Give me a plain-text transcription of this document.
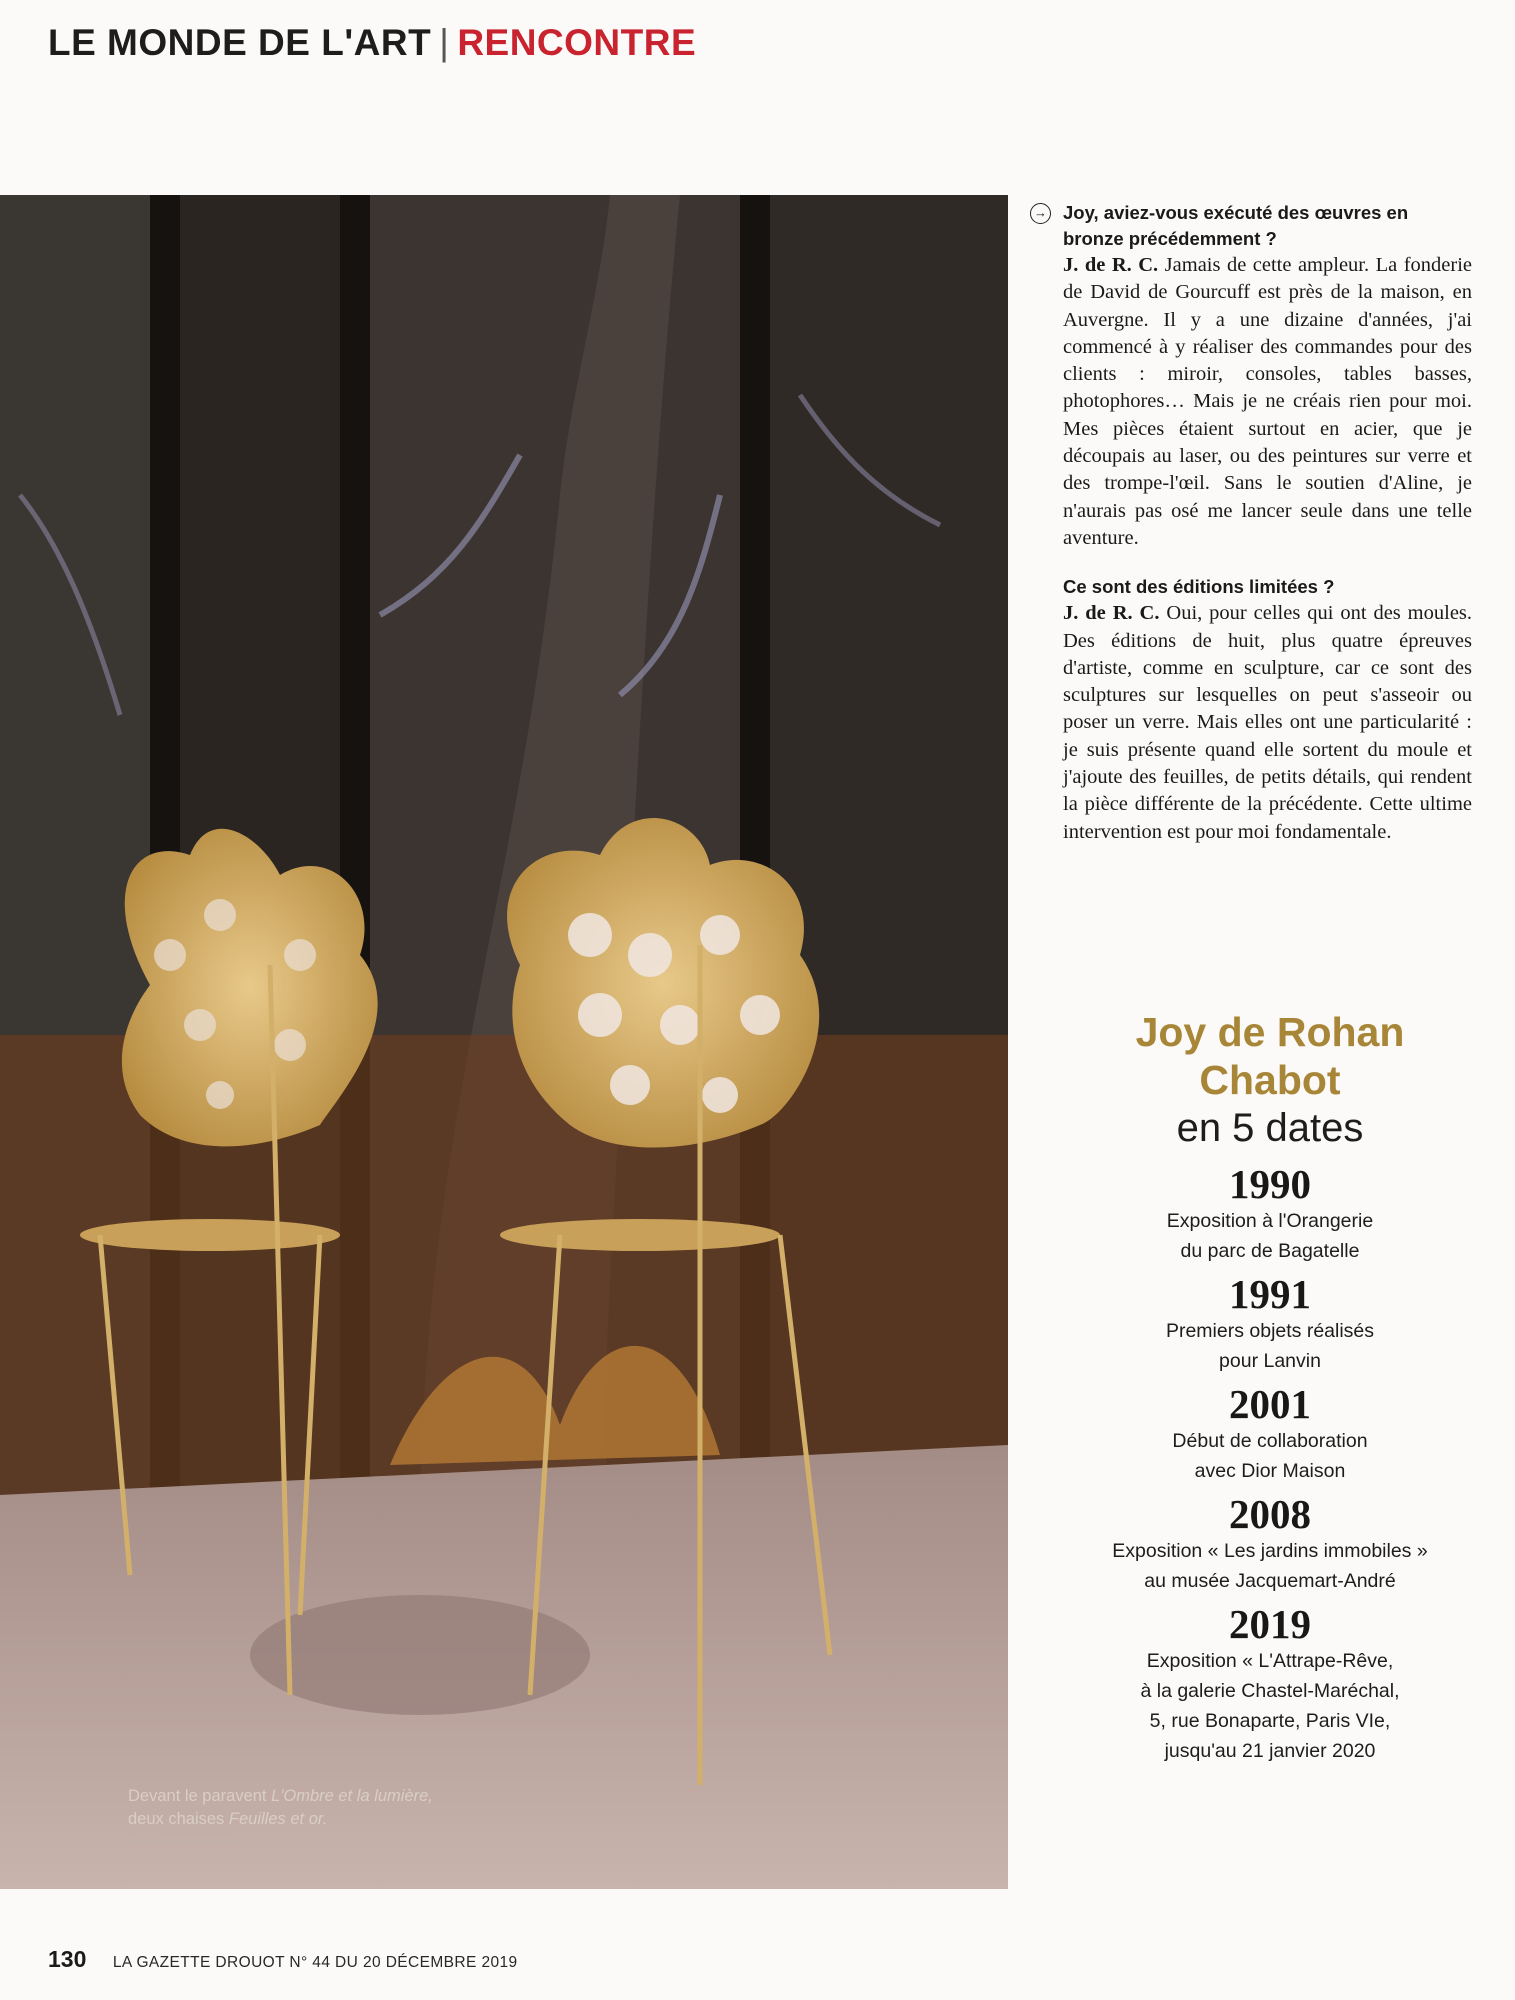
LE MONDE DE L'ART | RENCONTRE
Devant le paravent L'Ombre et la lumière,
deux chaises Feuilles et or.
© ALAIN POTIGNON
→ Joy, aviez-vous exécuté des œuvres en bronze précédemment ?

J. de R. C. Jamais de cette ampleur. La fonderie de David de Gourcuff est près de la maison, en Auvergne. Il y a une dizaine d'années, j'ai commencé à y réaliser des commandes pour des clients : miroir, consoles, tables basses, photophores… Mais je ne créais rien pour moi. Mes pièces étaient surtout en acier, que je découpais au laser, ou des peintures sur verre et des trompe-l'œil. Sans le soutien d'Aline, je n'aurais pas osé me lancer seule dans une telle aventure.

Ce sont des éditions limitées ?

J. de R. C. Oui, pour celles qui ont des moules. Des éditions de huit, plus quatre épreuves d'artiste, comme en sculpture, car ce sont des sculptures sur lesquelles on peut s'asseoir ou poser un verre. Mais elles ont une particularité : je suis présente quand elle sortent du moule et j'ajoute des feuilles, de petits détails, qui rendent la pièce différente de la précédente. Cette ultime intervention est pour moi fondamentale.

Joy de Rohan
Chabot
en 5 dates
1990
Exposition à l'Orangerie
du parc de Bagatelle
1991
Premiers objets réalisés
pour Lanvin
2001
Début de collaboration
avec Dior Maison
2008
Exposition « Les jardins immobiles »
au musée Jacquemart-André
2019
Exposition « L'Attrape-Rêve,
à la galerie Chastel-Maréchal,
5, rue Bonaparte, Paris VIe,
jusqu'au 21 janvier 2020
130 LA GAZETTE DROUOT N° 44 DU 20 DÉCEMBRE 2019
